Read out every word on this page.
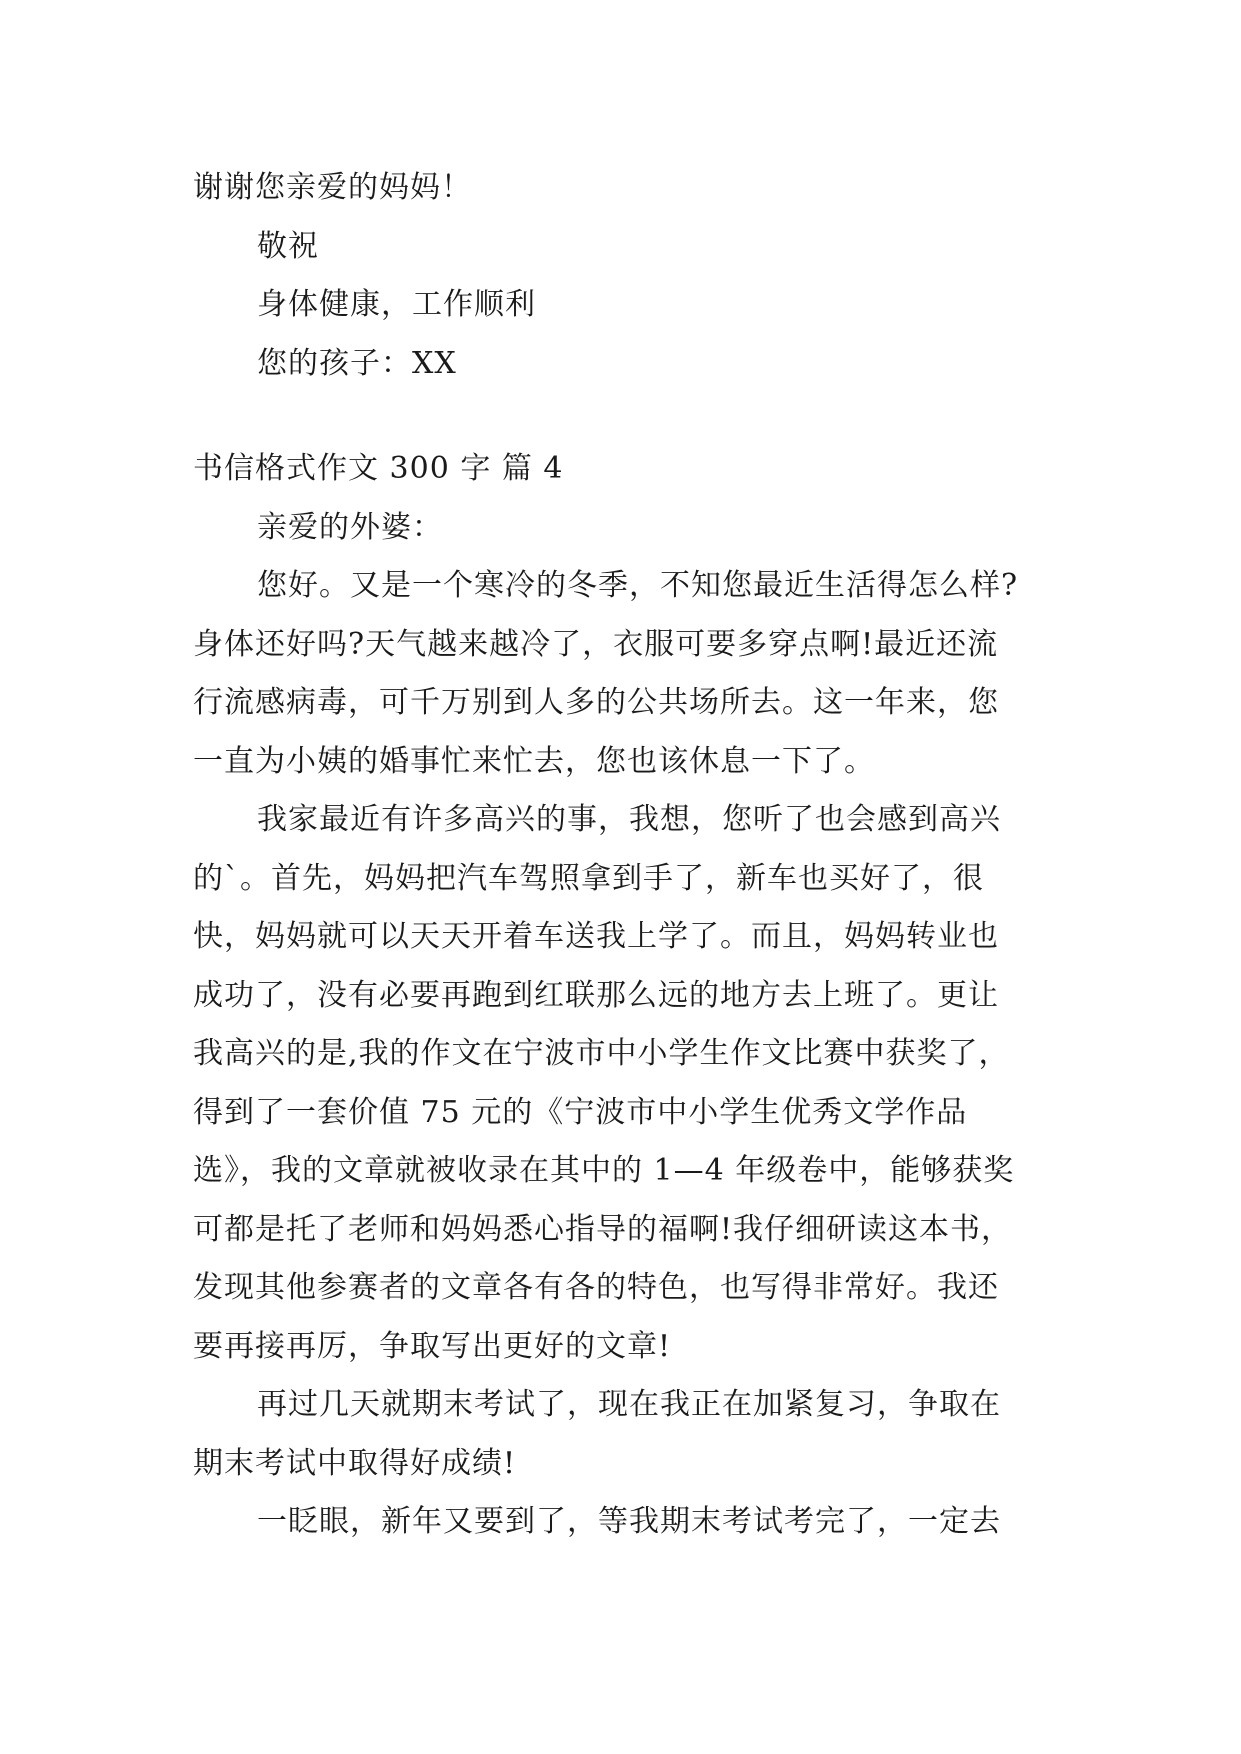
谢谢您亲爱的妈妈！
敬祝
身体健康，工作顺利
您的孩子：XX
书信格式作文 300 字 篇 4
亲爱的外婆：
您好。又是一个寒冷的冬季，不知您最近生活得怎么样?
身体还好吗?天气越来越冷了，衣服可要多穿点啊!最近还流
行流感病毒，可千万别到人多的公共场所去。这一年来，您
一直为小姨的婚事忙来忙去，您也该休息一下了。
我家最近有许多高兴的事，我想，您听了也会感到高兴
的`。首先，妈妈把汽车驾照拿到手了，新车也买好了，很
快，妈妈就可以天天开着车送我上学了。而且，妈妈转业也
成功了，没有必要再跑到红联那么远的地方去上班了。更让
我高兴的是,我的作文在宁波市中小学生作文比赛中获奖了，
得到了一套价值 75 元的《宁波市中小学生优秀文学作品
选》，我的文章就被收录在其中的 1—4 年级卷中，能够获奖
可都是托了老师和妈妈悉心指导的福啊!我仔细研读这本书，
发现其他参赛者的文章各有各的特色，也写得非常好。我还
要再接再厉，争取写出更好的文章!
再过几天就期末考试了，现在我正在加紧复习，争取在
期末考试中取得好成绩!
一眨眼，新年又要到了，等我期末考试考完了，一定去
